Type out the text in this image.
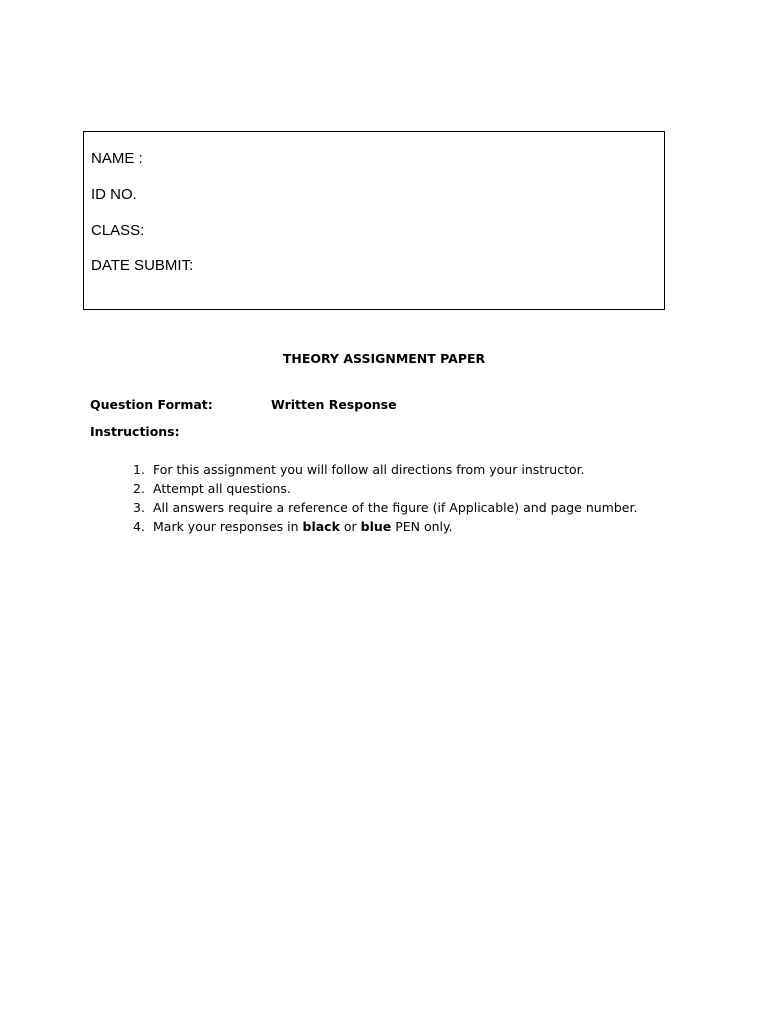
NAME :
ID NO.
CLASS:
DATE SUBMIT:
THEORY ASSIGNMENT PAPER
Question Format:	Written Response
Instructions:
1. For this assignment you will follow all directions from your instructor.
2. Attempt all questions.
3. All answers require a reference of the figure (if Applicable) and page number.
4. Mark your responses in black or blue PEN only.
